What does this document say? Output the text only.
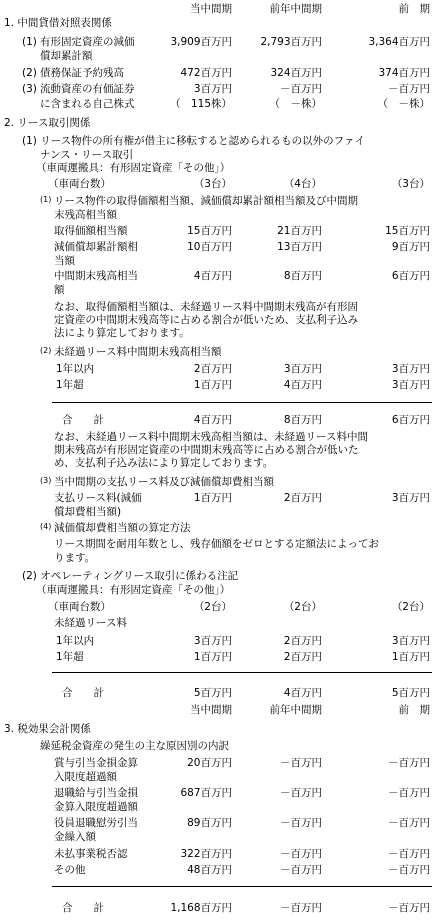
当中間期	前年中間期	前　期
1. 中間貸借対照表関係
(1) 有形固定資産の減価
償却累計額
3,909百万円	2,793百万円	3,364百万円
(2) 債務保証予約残高	472百万円	324百万円	374百万円
(3) 流動資産の有価証券
に含まれる自己株式
3百万円	－百万円	－百万円
（　115株）	（　－株）	（　－株）
2. リース取引関係
(1) リース物件の所有権が借主に移転すると認められるもの以外のファイ
ナンス・リース取引
（車両運搬具：有形固定資産「その他」）
（車両台数）	（3台）	（4台）	（3台）
(1) リース物件の取得価額相当額、減価償却累計額相当額及び中間期
末残高相当額
取得価額相当額	15百万円	21百万円	15百万円
減価償却累計額相
当額
10百万円	13百万円	9百万円
中間期末残高相当
額
4百万円	8百万円	6百万円
なお、取得価額相当額は、未経過リース料中間期末残高が有形固
定資産の中間期末残高等に占める割合が低いため、支払利子込み
法により算定しております。
(2) 未経過リース料中間期末残高相当額
1年以内	2百万円	3百万円	3百万円
1年超	1百万円	4百万円	3百万円
合　　計	4百万円	8百万円	6百万円
なお、未経過リース料中間期末残高相当額は、未経過リース料中間
期末残高が有形固定資産の中間期末残高等に占める割合が低いた
め、支払利子込み法により算定しております。
(3) 当中間期の支払リース料及び減価償却費相当額
支払リース料(減価
償却費相当額)
1百万円	2百万円	3百万円
(4) 減価償却費相当額の算定方法
リース期間を耐用年数とし、残存価額をゼロとする定額法によってお
ります。
(2) オペレーティングリース取引に係わる注記
（車両運搬具：有形固定資産「その他」）
（車両台数）	（2台）	（2台）	（2台）
未経過リース料
1年以内	3百万円	2百万円	3百万円
1年超	1百万円	2百万円	1百万円
合　　計	5百万円	4百万円	5百万円
当中間期	前年中間期	前　期
3. 税効果会計関係
繰延税金資産の発生の主な原因別の内訳
賞与引当金損金算
入限度超過額
20百万円	－百万円	－百万円
退職給与引当金損
金算入限度超過額
687百万円	－百万円	－百万円
役員退職慰労引当
金繰入額
89百万円	－百万円	－百万円
未払事業税否認	322百万円	－百万円	－百万円
その他	48百万円	－百万円	－百万円
合　　計	1,168百万円	－百万円	－百万円
